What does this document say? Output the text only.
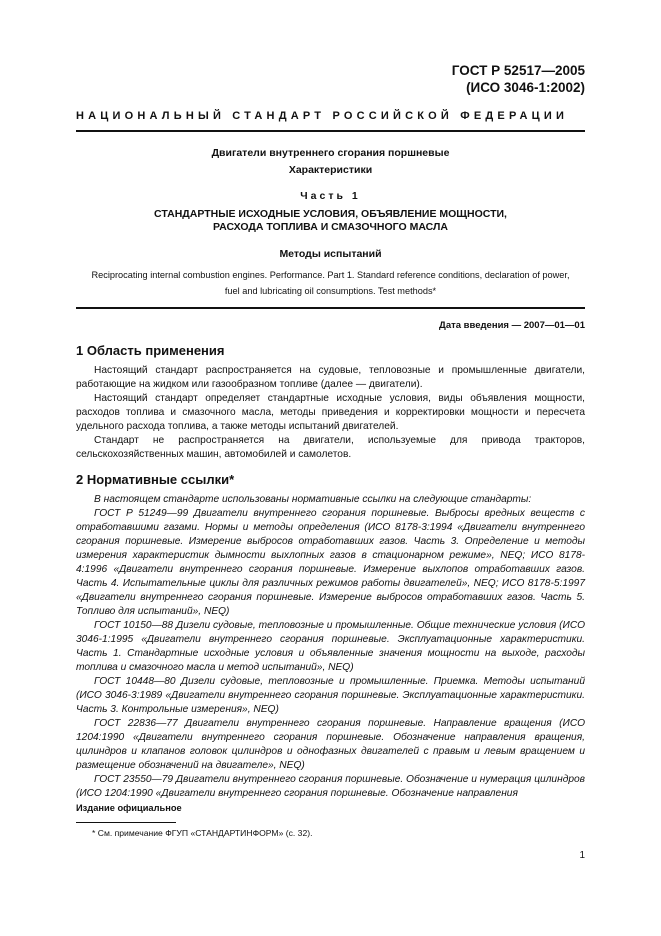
ГОСТ Р 52517—2005
(ИСО 3046-1:2002)
НАЦИОНАЛЬНЫЙ СТАНДАРТ РОССИЙСКОЙ ФЕДЕРАЦИИ
Двигатели внутреннего сгорания поршневые
Характеристики
Часть 1
СТАНДАРТНЫЕ ИСХОДНЫЕ УСЛОВИЯ, ОБЪЯВЛЕНИЕ МОЩНОСТИ,
РАСХОДА ТОПЛИВА И СМАЗОЧНОГО МАСЛА
Методы испытаний
Reciprocating internal combustion engines. Performance. Part 1. Standard reference conditions, declaration of power,
fuel and lubricating oil consumptions. Test methods*
Дата введения — 2007—01—01
1 Область применения

Настоящий стандарт распространяется на судовые, тепловозные и промышленные двигатели, работающие на жидком или газообразном топливе (далее — двигатели).

Настоящий стандарт определяет стандартные исходные условия, виды объявления мощности, расходов топлива и смазочного масла, методы приведения и корректировки мощности и пересчета удельного расхода топлива, а также методы испытаний двигателей.

Стандарт не распространяется на двигатели, используемые для привода тракторов, сельскохозяйственных машин, автомобилей и самолетов.

2 Нормативные ссылки*

В настоящем стандарте использованы нормативные ссылки на следующие стандарты:

ГОСТ Р 51249—99 Двигатели внутреннего сгорания поршневые. Выбросы вредных веществ с отработавшими газами. Нормы и методы определения (ИСО 8178-3:1994 «Двигатели внутреннего сгорания поршневые. Измерение выбросов отработавших газов. Часть 3. Определение и методы измерения характеристик дымности выхлопных газов в стационарном режиме», NEQ; ИСО 8178-4:1996 «Двигатели внутреннего сгорания поршневые. Измерение выхлопов отработавших газов. Часть 4. Испытательные циклы для различных режимов работы двигателей», NEQ; ИСО 8178-5:1997 «Двигатели внутреннего сгорания поршневые. Измерение выбросов отработавших газов. Часть 5. Топливо для испытаний», NEQ)

ГОСТ 10150—88 Дизели судовые, тепловозные и промышленные. Общие технические условия (ИСО 3046-1:1995 «Двигатели внутреннего сгорания поршневые. Эксплуатационные характеристики. Часть 1. Стандартные исходные условия и объявленные значения мощности на выходе, расходы топлива и смазочного масла и метод испытаний», NEQ)

ГОСТ 10448—80 Дизели судовые, тепловозные и промышленные. Приемка. Методы испытаний (ИСО 3046-3:1989 «Двигатели внутреннего сгорания поршневые. Эксплуатационные характеристики. Часть 3. Контрольные измерения», NEQ)

ГОСТ 22836—77 Двигатели внутреннего сгорания поршневые. Направление вращения (ИСО 1204:1990 «Двигатели внутреннего сгорания поршневые. Обозначение направления вращения, цилиндров и клапанов головок цилиндров и однофазных двигателей с правым и левым вращением и размещение обозначений на двигателе», NEQ)

ГОСТ 23550—79 Двигатели внутреннего сгорания поршневые. Обозначение и нумерация цилиндров (ИСО 1204:1990 «Двигатели внутреннего сгорания поршневые. Обозначение направления

Издание официальное
* См. примечание ФГУП «СТАНДАРТИНФОРМ» (с. 32).
1
